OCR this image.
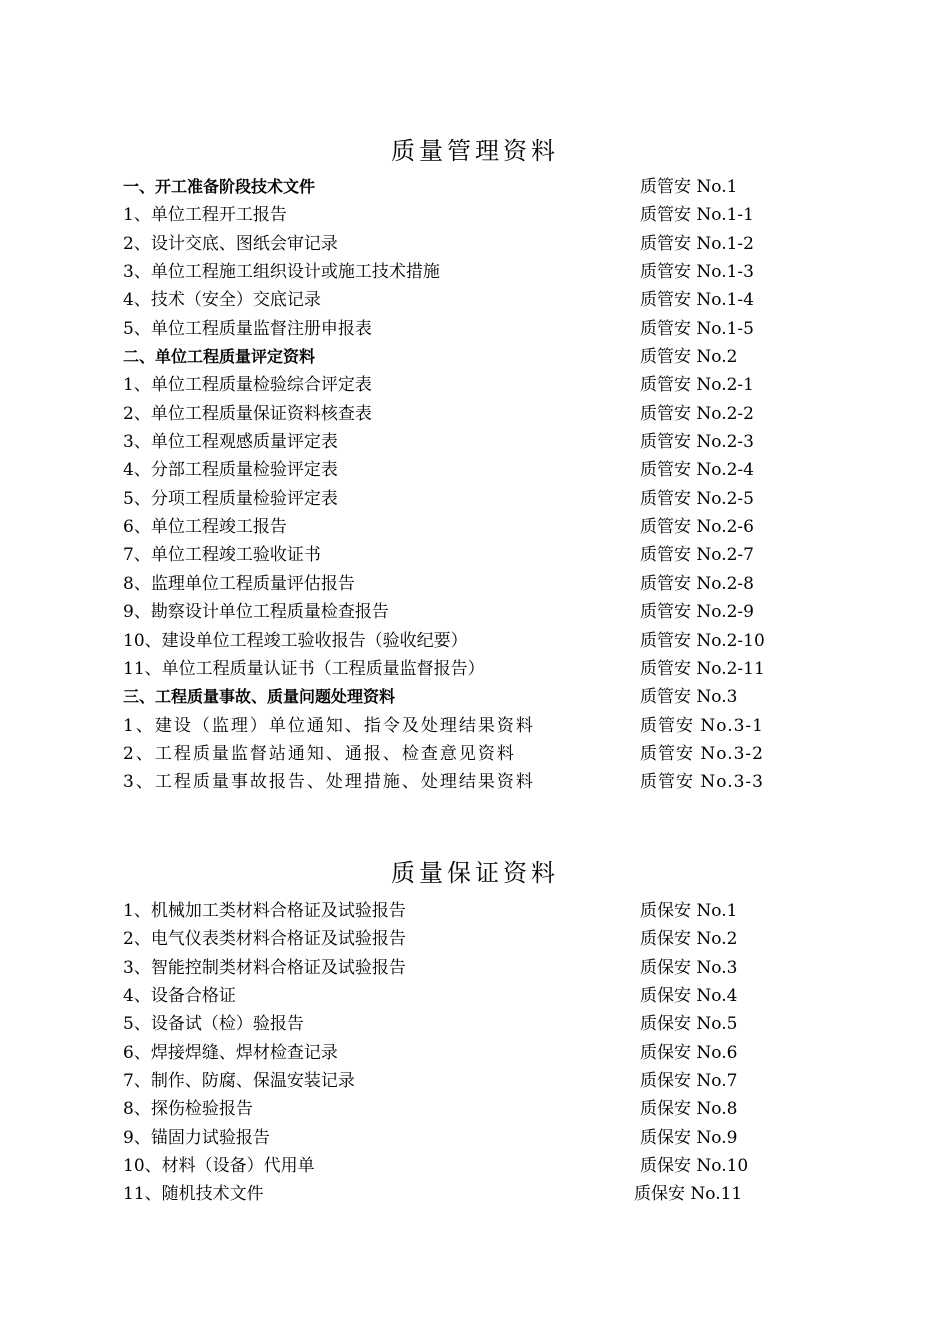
质量管理资料
一、开工准备阶段技术文件	质管安 No.1
1、单位工程开工报告	质管安 No.1-1
2、设计交底、图纸会审记录	质管安 No.1-2
3、单位工程施工组织设计或施工技术措施	质管安 No.1-3
4、技术（安全）交底记录	质管安 No.1-4
5、单位工程质量监督注册申报表	质管安 No.1-5
二、单位工程质量评定资料	质管安 No.2
1、单位工程质量检验综合评定表	质管安 No.2-1
2、单位工程质量保证资料核查表	质管安 No.2-2
3、单位工程观感质量评定表	质管安 No.2-3
4、分部工程质量检验评定表	质管安 No.2-4
5、分项工程质量检验评定表	质管安 No.2-5
6、单位工程竣工报告	质管安 No.2-6
7、单位工程竣工验收证书	质管安 No.2-7
8、监理单位工程质量评估报告	质管安 No.2-8
9、勘察设计单位工程质量检查报告	质管安 No.2-9
10、建设单位工程竣工验收报告（验收纪要）	质管安 No.2-10
11、单位工程质量认证书（工程质量监督报告）	质管安 No.2-11
三、工程质量事故、质量问题处理资料	质管安 No.3
1、建设（监理）单位通知、指令及处理结果资料	质管安 No.3-1
2、工程质量监督站通知、通报、检查意见资料	质管安 No.3-2
3、工程质量事故报告、处理措施、处理结果资料	质管安 No.3-3
质量保证资料
1、机械加工类材料合格证及试验报告	质保安 No.1
2、电气仪表类材料合格证及试验报告	质保安 No.2
3、智能控制类材料合格证及试验报告	质保安 No.3
4、设备合格证	质保安 No.4
5、设备试（检）验报告	质保安 No.5
6、焊接焊缝、焊材检查记录	质保安 No.6
7、制作、防腐、保温安装记录	质保安 No.7
8、探伤检验报告	质保安 No.8
9、锚固力试验报告	质保安 No.9
10、材料（设备）代用单	质保安 No.10
11、随机技术文件	质保安 No.11
